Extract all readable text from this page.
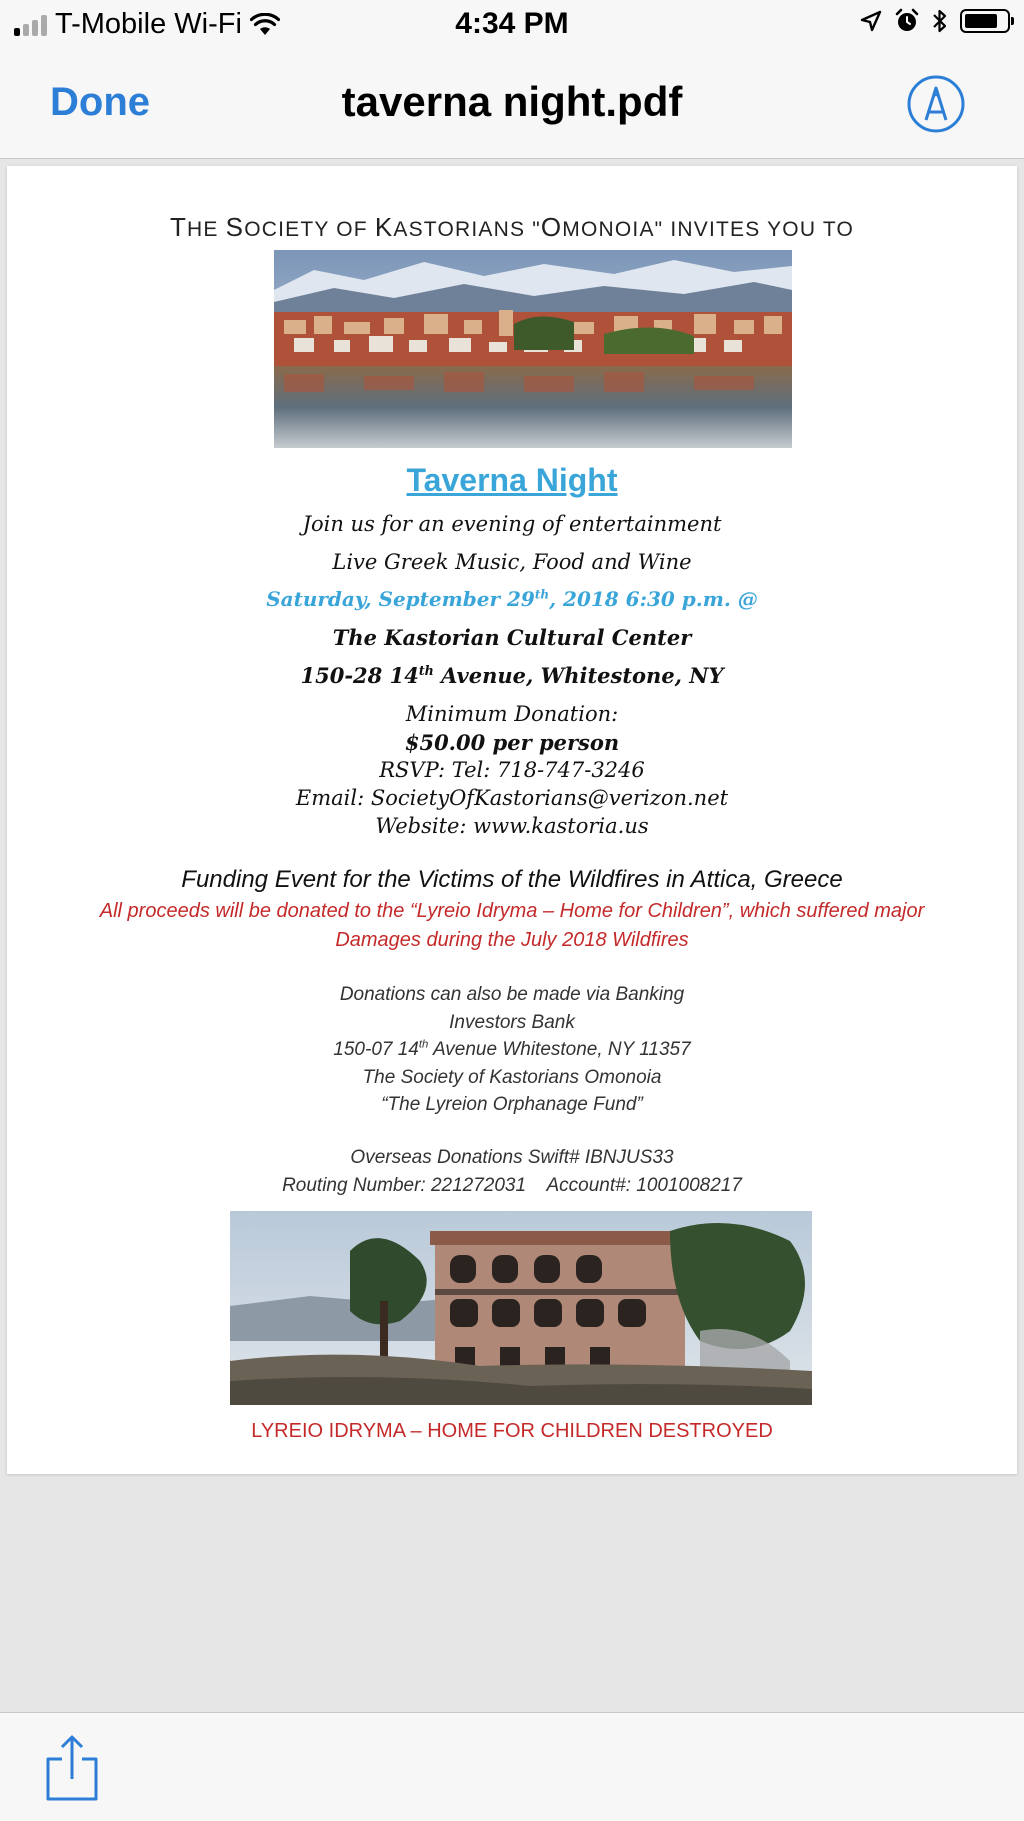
T-Mobile Wi-Fi	4:34 PM
Done	taverna night.pdf
THE SOCIETY OF KASTORIANS "OMONOIA" INVITES YOU TO
Taverna Night
Join us for an evening of entertainment
Live Greek Music, Food and Wine
Saturday, September 29th, 2018 6:30 p.m. @
The Kastorian Cultural Center
150-28 14th Avenue, Whitestone, NY
Minimum Donation:
$50.00 per person
RSVP: Tel: 718-747-3246
Email: SocietyOfKastorians@verizon.net
Website: www.kastoria.us
Funding Event for the Victims of the Wildfires in Attica, Greece
All proceeds will be donated to the “Lyreio Idryma – Home for Children”, which suffered major
Damages during the July 2018 Wildfires
Donations can also be made via Banking
Investors Bank
150-07 14th Avenue Whitestone, NY 11357
The Society of Kastorians Omonoia
“The Lyreion Orphanage Fund”
Overseas Donations Swift# IBNJUS33
Routing Number: 221272031    Account#: 1001008217
LYREIO IDRYMA – HOME FOR CHILDREN DESTROYED
